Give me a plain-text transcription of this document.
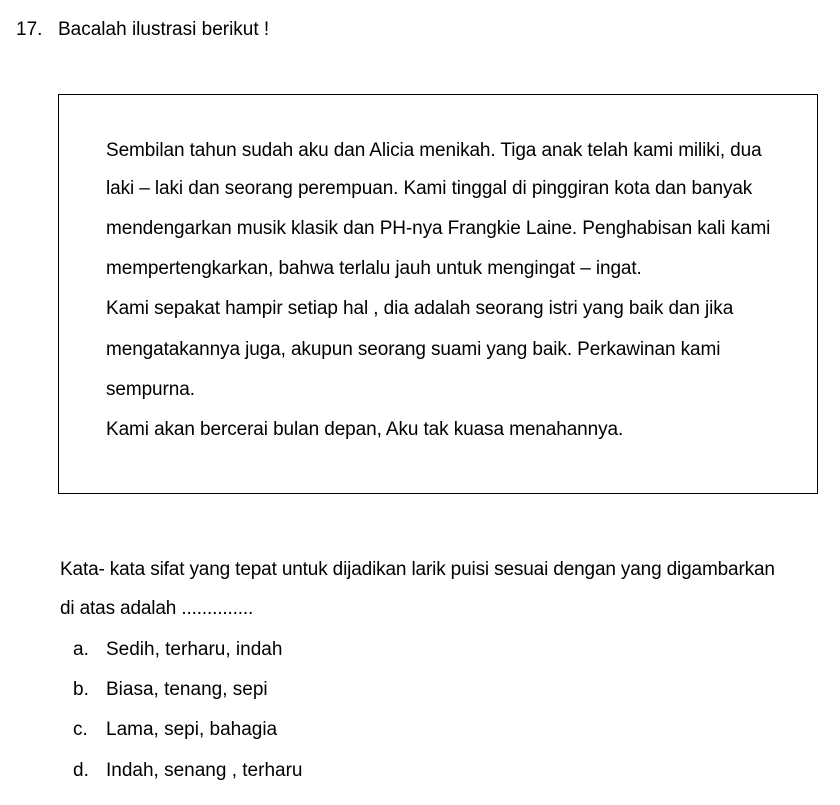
17. Bacalah ilustrasi berikut !
Sembilan tahun sudah aku dan Alicia menikah. Tiga anak telah kami miliki, dua
laki – laki dan seorang perempuan. Kami tinggal di pinggiran kota dan banyak
mendengarkan musik klasik dan PH-nya Frangkie Laine. Penghabisan kali kami
mempertengkarkan, bahwa terlalu jauh untuk mengingat – ingat.
Kami sepakat hampir setiap hal , dia adalah seorang istri yang baik dan jika
mengatakannya juga, akupun seorang suami yang baik. Perkawinan kami
sempurna.
Kami akan bercerai bulan depan, Aku tak kuasa menahannya.
Kata- kata sifat yang tepat untuk dijadikan larik puisi sesuai dengan yang digambarkan
di atas adalah ..............
a. Sedih, terharu, indah
b. Biasa, tenang, sepi
c. Lama, sepi, bahagia
d. Indah, senang , terharu
